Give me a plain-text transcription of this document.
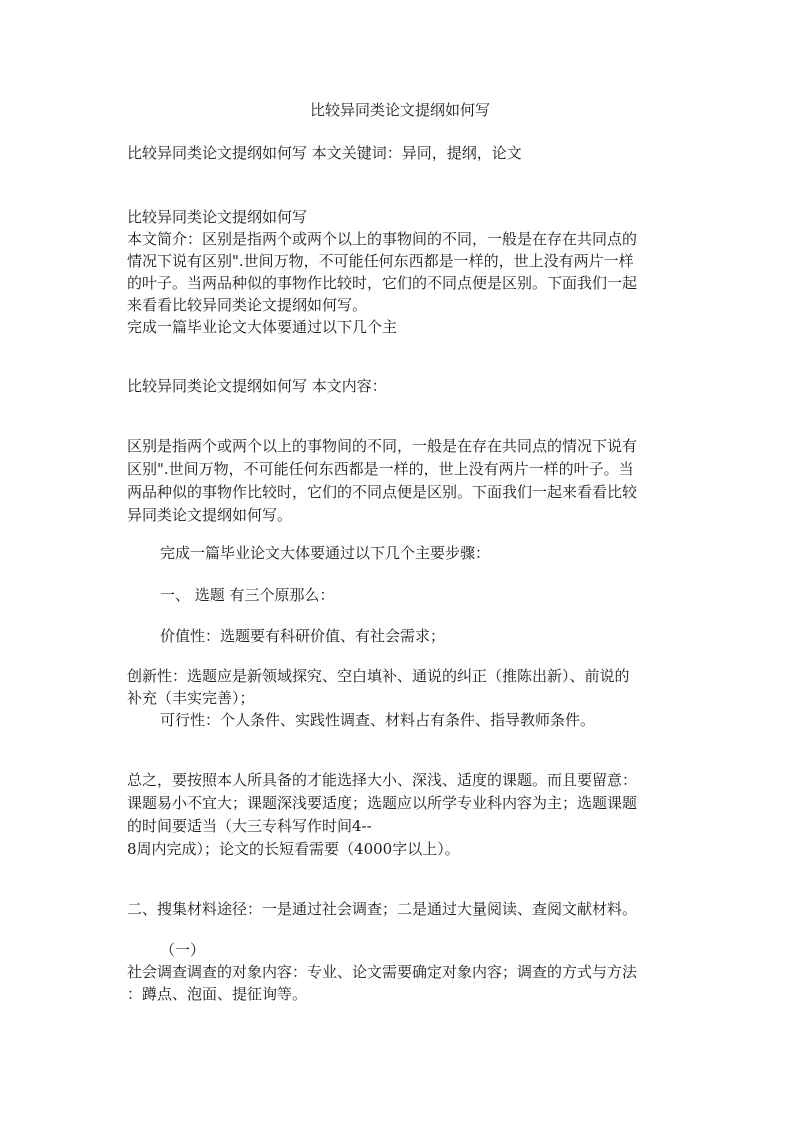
比较异同类论文提纲如何写
比较异同类论文提纲如何写 本文关键词：异同，提纲，论文
比较异同类论文提纲如何写
本文简介：区别是指两个或两个以上的事物间的不同，一般是在存在共同点的
情况下说有区别".世间万物，不可能任何东西都是一样的，世上没有两片一样
的叶子。当两品种似的事物作比较时，它们的不同点便是区别。下面我们一起
来看看比较异同类论文提纲如何写。
完成一篇毕业论文大体要通过以下几个主
比较异同类论文提纲如何写 本文内容：
区别是指两个或两个以上的事物间的不同，一般是在存在共同点的情况下说有
区别".世间万物，不可能任何东西都是一样的，世上没有两片一样的叶子。当
两品种似的事物作比较时，它们的不同点便是区别。下面我们一起来看看比较
异同类论文提纲如何写。
完成一篇毕业论文大体要通过以下几个主要步骤：
一、 选题 有三个原那么：
价值性：选题要有科研价值、有社会需求；
创新性：选题应是新领域探究、空白填补、通说的纠正（推陈出新）、前说的
补充（丰实完善）；
可行性：个人条件、实践性调查、材料占有条件、指导教师条件。
总之，要按照本人所具备的才能选择大小、深浅、适度的课题。而且要留意：
课题易小不宜大；课题深浅要适度；选题应以所学专业科内容为主；选题课题
的时间要适当（大三专科写作时间4--
8周内完成）；论文的长短看需要（4000字以上）。
二、搜集材料途径：一是通过社会调查；二是通过大量阅读、查阅文献材料。
（一）
社会调查调查的对象内容：专业、论文需要确定对象内容；调查的方式与方法
：蹲点、泡面、提征询等。
